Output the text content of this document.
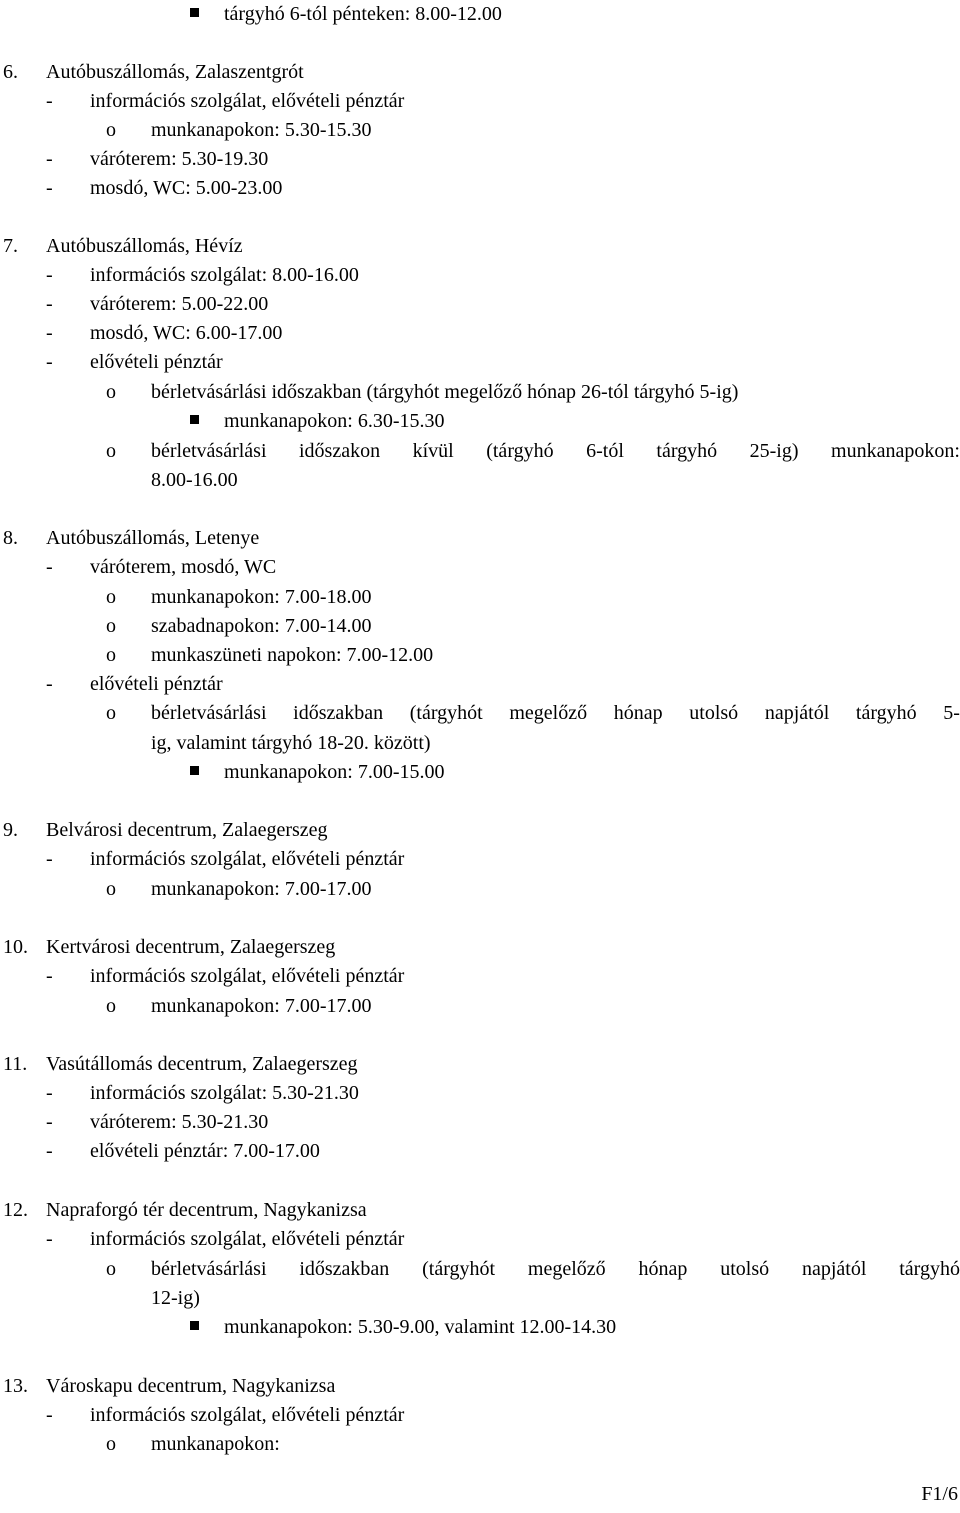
tárgyhó 6-tól pénteken: 8.00-12.00
6. Autóbuszállomás, Zalaszentgrót
- információs szolgálat, elővételi pénztár
o munkanapokon: 5.30-15.30
- váróterem: 5.30-19.30
- mosdó, WC: 5.00-23.00
7. Autóbuszállomás, Hévíz
- információs szolgálat: 8.00-16.00
- váróterem: 5.00-22.00
- mosdó, WC: 6.00-17.00
- elővételi pénztár
o bérletvásárlási időszakban (tárgyhót megelőző hónap 26-tól tárgyhó 5-ig)
munkanapokon: 6.30-15.30
o bérletvásárlási időszakon kívül (tárgyhó 6-tól tárgyhó 25-ig) munkanapokon:
8.00-16.00
8. Autóbuszállomás, Letenye
- váróterem, mosdó, WC
o munkanapokon: 7.00-18.00
o szabadnapokon: 7.00-14.00
o munkaszüneti napokon: 7.00-12.00
- elővételi pénztár
o bérletvásárlási időszakban (tárgyhót megelőző hónap utolsó napjától tárgyhó 5-
ig, valamint tárgyhó 18-20. között)
munkanapokon: 7.00-15.00
9. Belvárosi decentrum, Zalaegerszeg
- információs szolgálat, elővételi pénztár
o munkanapokon: 7.00-17.00
10. Kertvárosi decentrum, Zalaegerszeg
- információs szolgálat, elővételi pénztár
o munkanapokon: 7.00-17.00
11. Vasútállomás decentrum, Zalaegerszeg
- információs szolgálat: 5.30-21.30
- váróterem: 5.30-21.30
- elővételi pénztár: 7.00-17.00
12. Napraforgó tér decentrum, Nagykanizsa
- információs szolgálat, elővételi pénztár
o bérletvásárlási időszakban (tárgyhót megelőző hónap utolsó napjától tárgyhó
12-ig)
munkanapokon: 5.30-9.00, valamint 12.00-14.30
13. Városkapu decentrum, Nagykanizsa
- információs szolgálat, elővételi pénztár
o munkanapokon:
F1/6
